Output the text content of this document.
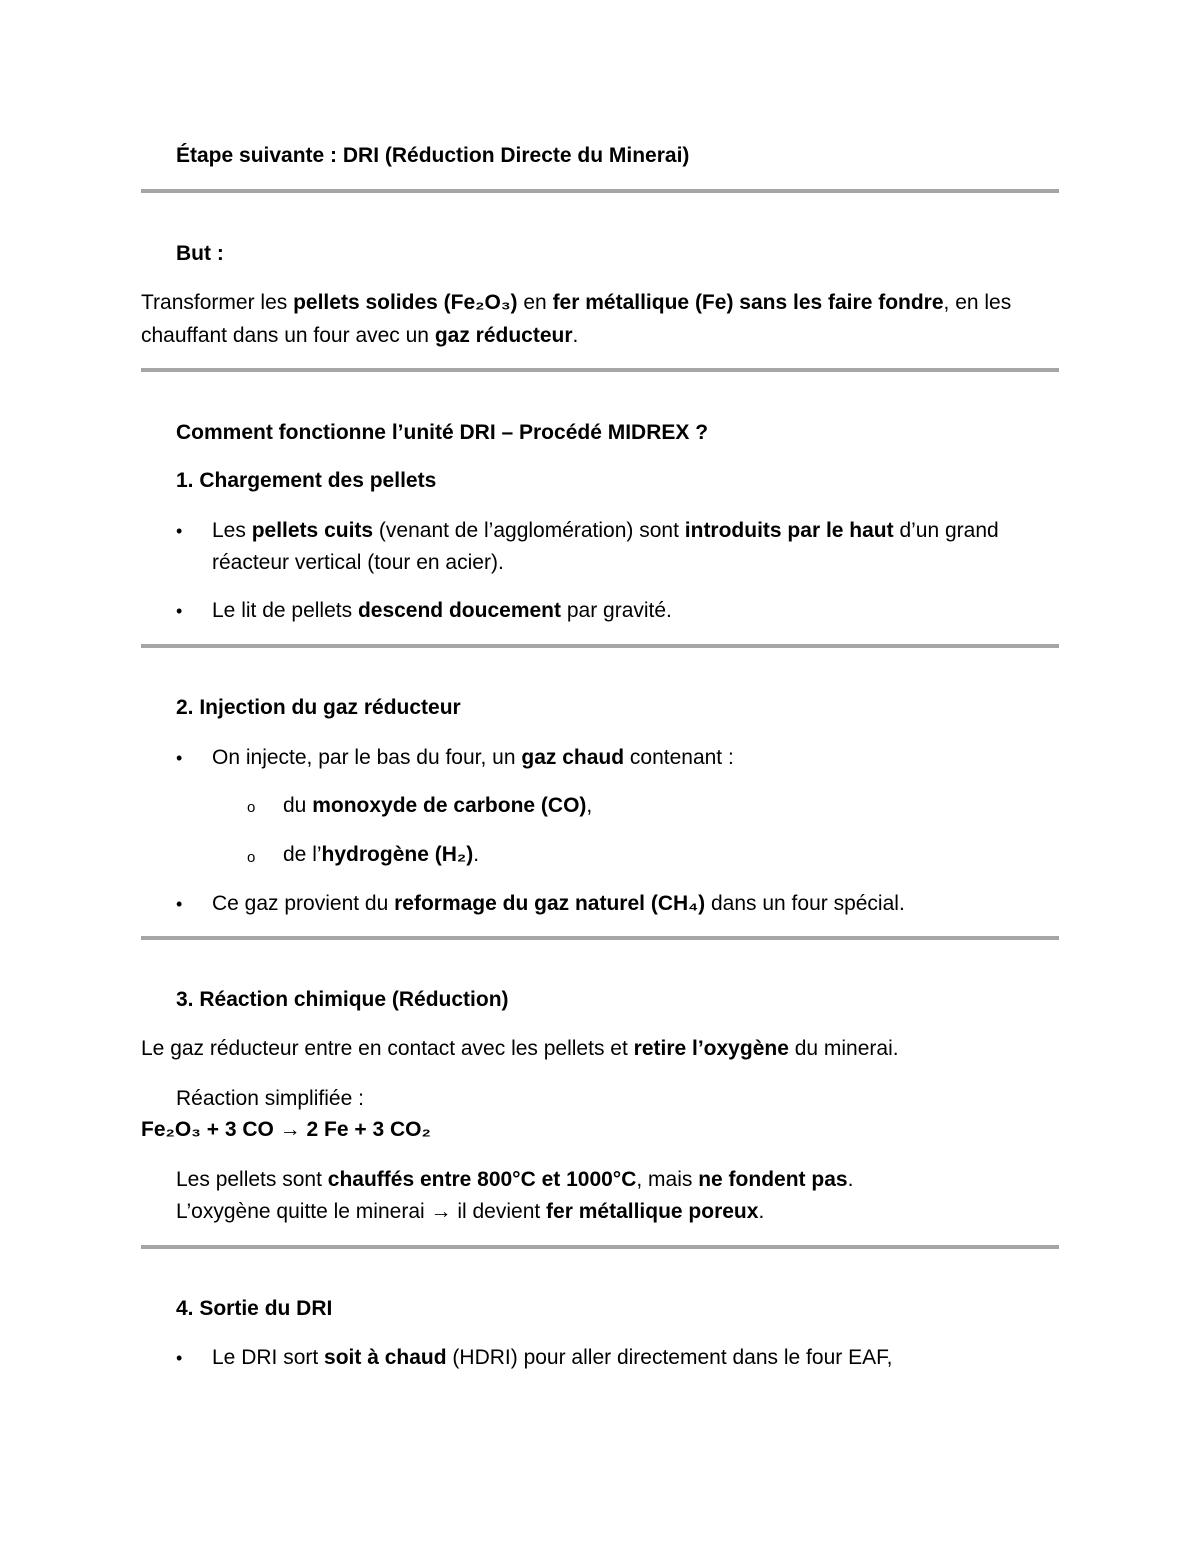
Étape suivante : DRI (Réduction Directe du Minerai)
But :
Transformer les pellets solides (Fe₂O₃) en fer métallique (Fe) sans les faire fondre, en les
chauffant dans un four avec un gaz réducteur.
Comment fonctionne l’unité DRI – Procédé MIDREX ?
1. Chargement des pellets
• Les pellets cuits (venant de l’agglomération) sont introduits par le haut d’un grand
réacteur vertical (tour en acier).
• Le lit de pellets descend doucement par gravité.
2. Injection du gaz réducteur
• On injecte, par le bas du four, un gaz chaud contenant :
o du monoxyde de carbone (CO),
o de l’hydrogène (H₂).
• Ce gaz provient du reformage du gaz naturel (CH₄) dans un four spécial.
3. Réaction chimique (Réduction)
Le gaz réducteur entre en contact avec les pellets et retire l’oxygène du minerai.
Réaction simplifiée :
Fe₂O₃ + 3 CO → 2 Fe + 3 CO₂
Les pellets sont chauffés entre 800°C et 1000°C, mais ne fondent pas.
L’oxygène quitte le minerai → il devient fer métallique poreux.
4. Sortie du DRI
• Le DRI sort soit à chaud (HDRI) pour aller directement dans le four EAF,
